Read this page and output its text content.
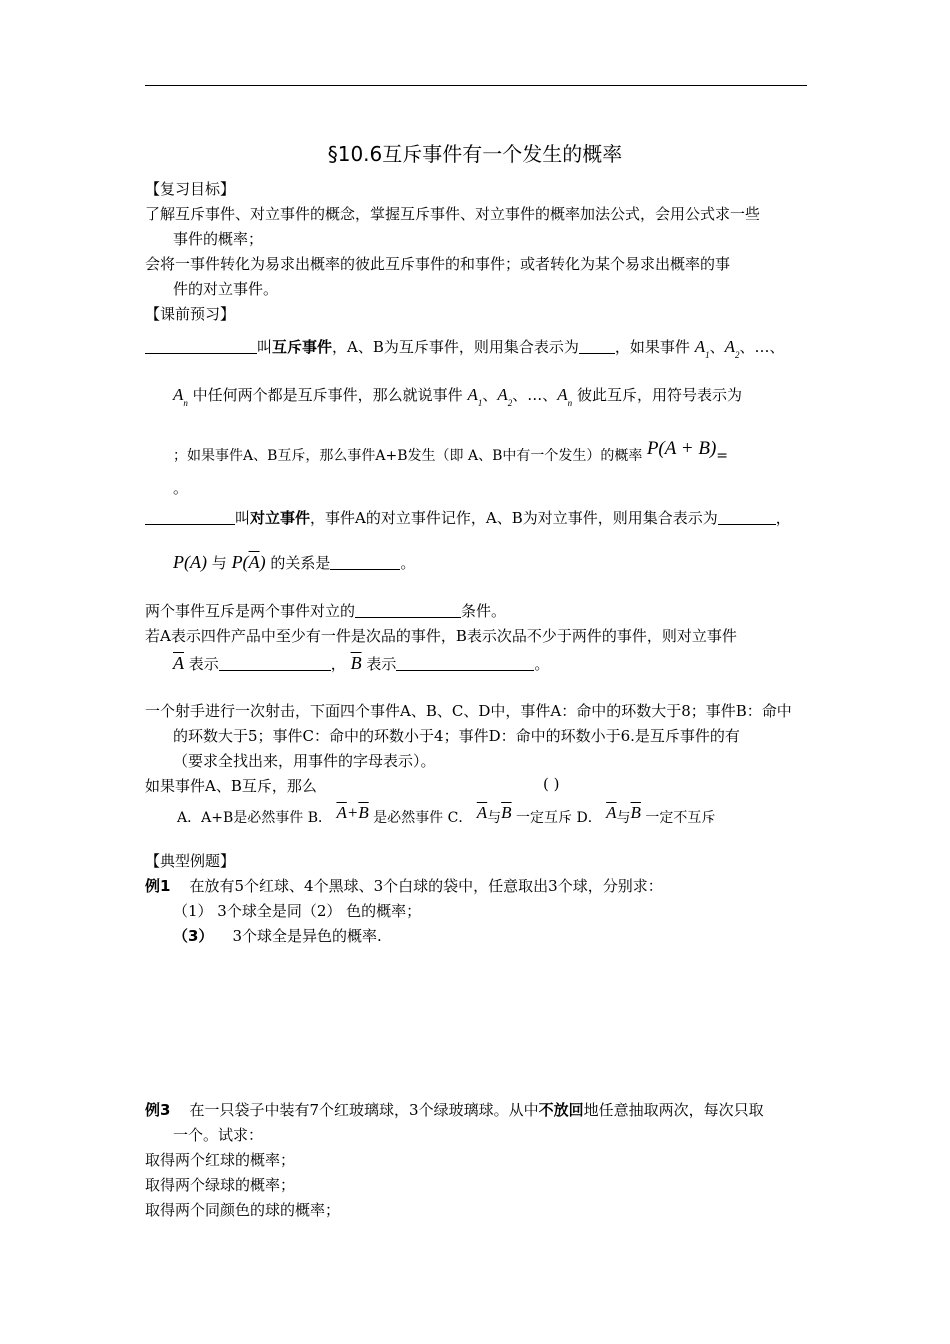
§10.6互斥事件有一个发生的概率
【复习目标】
了解互斥事件、对立事件的概念，掌握互斥事件、对立事件的概率加法公式，会用公式求一些
事件的概率；
会将一事件转化为易求出概率的彼此互斥事件的和事件；或者转化为某个易求出概率的事
件的对立事件。
【课前预习】
叫互斥事件，A、B为互斥事件，则用集合表示为 ，如果事件 $A_1$、$A_2$、…、
$A_n$ 中任何两个都是互斥事件，那么就说事件 $A_1$、$A_2$、…、$A_n$ 彼此互斥，用符号表示为
；如果事件A、B互斥，那么事件A+B发生（即 A、B中有一个发生）的概率 P(A + B)=
。
叫对立事件，事件A的对立事件记作，A、B为对立事件，则用集合表示为	，
P(A) 与 $P(\overline{A})$ 的关系是	。
两个事件互斥是两个事件对立的	条件。
若A表示四件产品中至少有一件是次品的事件，B表示次品不少于两件的事件，则对立事件
$\overline{A}$ 表示	， $\overline{B}$ 表示	。
一个射手进行一次射击，下面四个事件A、B、C、D中，事件A：命中的环数大于8；事件B：命中
的环数大于5；事件C：命中的环数小于4；事件D：命中的环数小于6.是互斥事件的有
（要求全找出来，用事件的字母表示）。
如果事件A、B互斥，那么	( )
A．A+B是必然事件 B． $\overline{A}+\overline{B}$ 是必然事件 C． $\overline{A}$与$\overline{B}$ 一定互斥 D． $\overline{A}$与$\overline{B}$ 一定不互斥
【典型例题】
例1 在放有5个红球、4个黑球、3个白球的袋中，任意取出3个球，分别求：
（1） 3个球全是同（2） 色的概率；
（3） 3个球全是异色的概率.
例3 在一只袋子中装有7个红玻璃球，3个绿玻璃球。从中不放回地任意抽取两次，每次只取
一个。试求：
取得两个红球的概率；
取得两个绿球的概率；
取得两个同颜色的球的概率；
